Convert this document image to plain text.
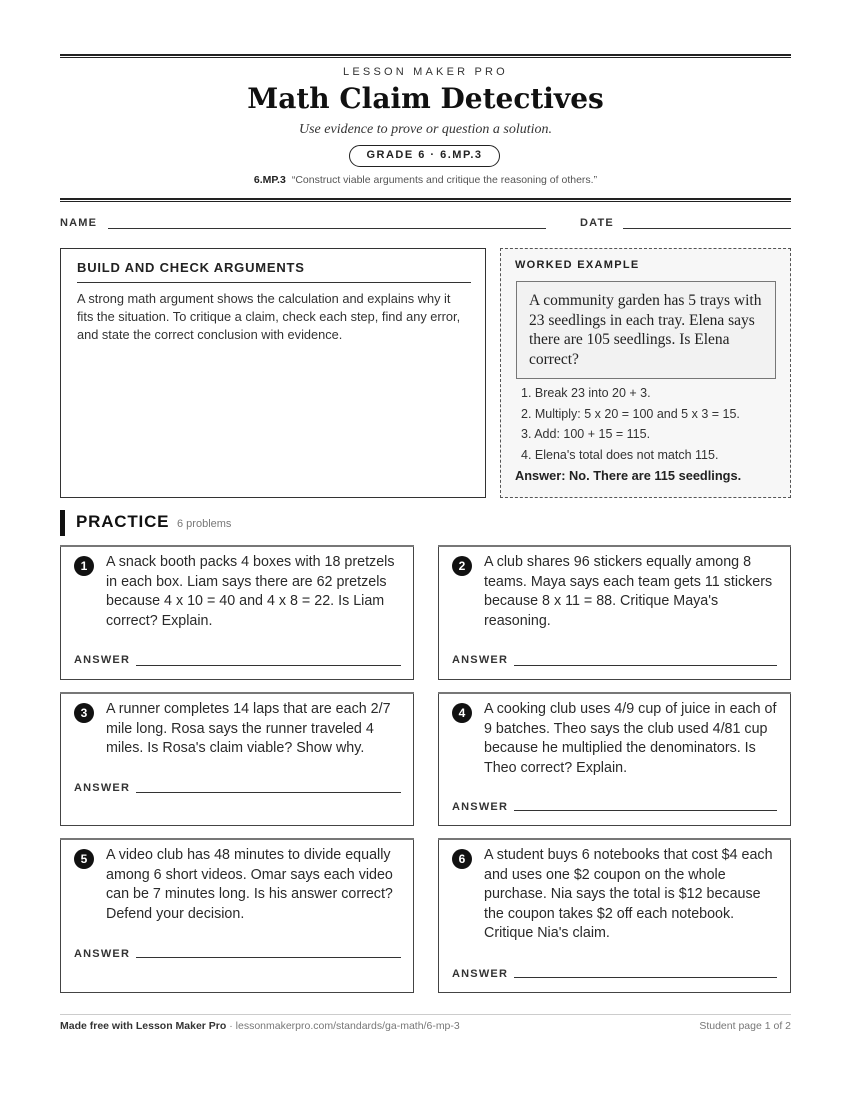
LESSON MAKER PRO
Math Claim Detectives
Use evidence to prove or question a solution.
GRADE 6 · 6.MP.3
6.MP.3 “Construct viable arguments and critique the reasoning of others.”
NAME	DATE
BUILD AND CHECK ARGUMENTS
A strong math argument shows the calculation and explains why it fits the situation. To critique a claim, check each step, find any error, and state the correct conclusion with evidence.
WORKED EXAMPLE
A community garden has 5 trays with 23 seedlings in each tray. Elena says there are 105 seedlings. Is Elena correct?
1. Break 23 into 20 + 3.
2. Multiply: 5 x 20 = 100 and 5 x 3 = 15.
3. Add: 100 + 15 = 115.
4. Elena's total does not match 115.
Answer: No. There are 115 seedlings.
PRACTICE 6 problems
1	A snack booth packs 4 boxes with 18 pretzels in each box. Liam says there are 62 pretzels because 4 x 10 = 40 and 4 x 8 = 22. Is Liam correct? Explain.
ANSWER
2	A club shares 96 stickers equally among 8 teams. Maya says each team gets 11 stickers because 8 x 11 = 88. Critique Maya's reasoning.
ANSWER
3	A runner completes 14 laps that are each 2/7 mile long. Rosa says the runner traveled 4 miles. Is Rosa's claim viable? Show why.
ANSWER
4	A cooking club uses 4/9 cup of juice in each of 9 batches. Theo says the club used 4/81 cup because he multiplied the denominators. Is Theo correct? Explain.
ANSWER
5	A video club has 48 minutes to divide equally among 6 short videos. Omar says each video can be 7 minutes long. Is his answer correct? Defend your decision.
ANSWER
6	A student buys 6 notebooks that cost $4 each and uses one $2 coupon on the whole purchase. Nia says the total is $12 because the coupon takes $2 off each notebook. Critique Nia's claim.
ANSWER
Made free with Lesson Maker Pro · lessonmakerpro.com/standards/ga-math/6-mp-3	Student page 1 of 2
